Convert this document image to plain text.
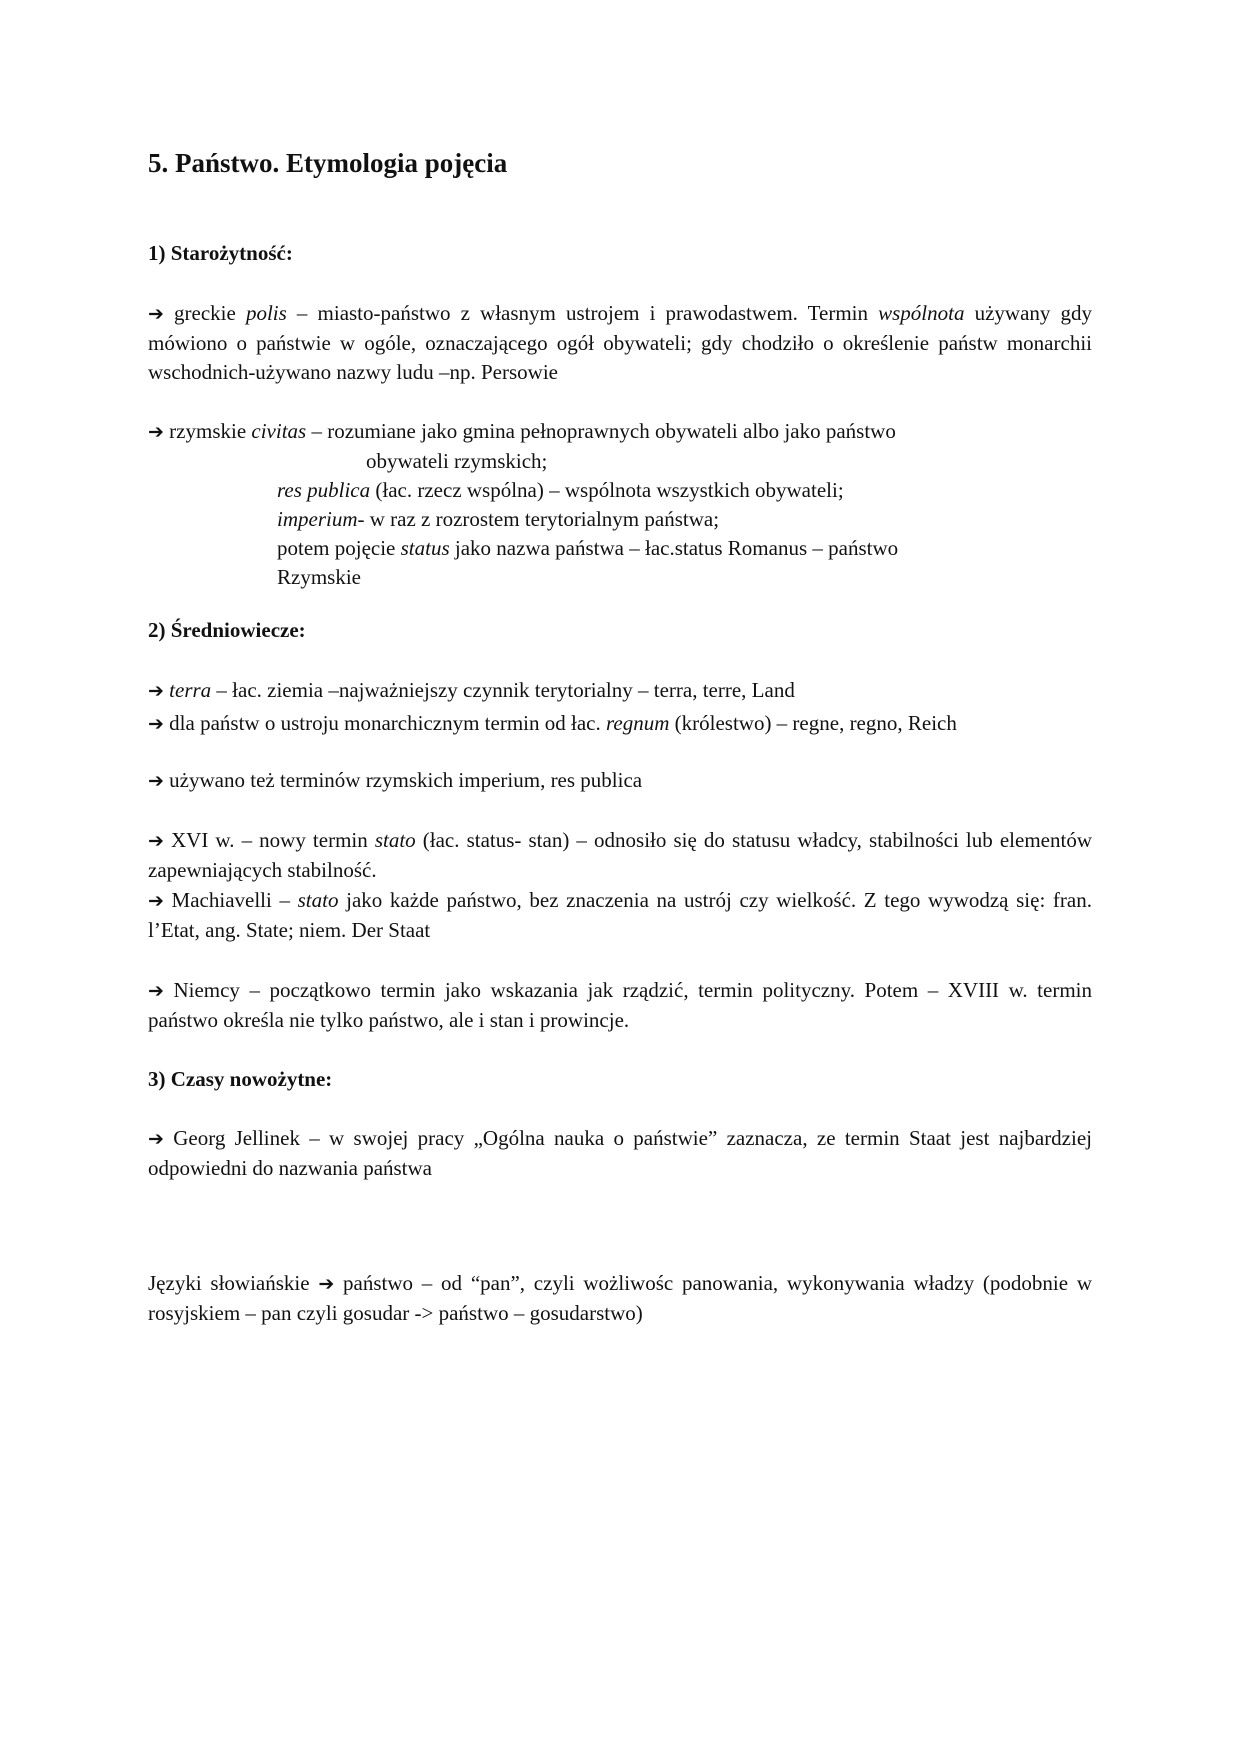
5. Państwo. Etymologia pojęcia
1) Starożytność:

➔ greckie polis – miasto-państwo z własnym ustrojem i prawodastwem. Termin wspólnota używany gdy mówiono o państwie w ogóle, oznaczającego ogół obywateli; gdy chodziło o określenie państw monarchii wschodnich-używano nazwy ludu –np. Persowie

➔ rzymskie civitas – rozumiane jako gmina pełnoprawnych obywateli albo jako państwo
obywateli rzymskich;
res publica (łac. rzecz wspólna) – wspólnota wszystkich obywateli;
imperium- w raz z rozrostem terytorialnym państwa;
potem pojęcie status jako nazwa państwa – łac.status Romanus – państwo
Rzymskie
2) Średniowiecze:

➔ terra – łac. ziemia –najważniejszy czynnik terytorialny – terra, terre, Land

➔ dla państw o ustroju monarchicznym termin od łac. regnum (królestwo) – regne, regno, Reich

➔ używano też terminów rzymskich imperium, res publica

➔ XVI w. – nowy termin stato (łac. status- stan) – odnosiło się do statusu władcy, stabilności lub elementów zapewniających stabilność.

➔ Machiavelli – stato jako każde państwo, bez znaczenia na ustrój czy wielkość. Z tego wywodzą się: fran. l’Etat, ang. State; niem. Der Staat

➔ Niemcy – początkowo termin jako wskazania jak rządzić, termin polityczny. Potem – XVIII w. termin państwo określa nie tylko państwo, ale i stan i prowincje.

3) Czasy nowożytne:

➔ Georg Jellinek – w swojej pracy „Ogólna nauka o państwie” zaznacza, ze termin Staat jest najbardziej odpowiedni do nazwania państwa

Języki słowiańskie ➔ państwo – od “pan”, czyli wożliwośc panowania, wykonywania władzy (podobnie w rosyjskiem – pan czyli gosudar -> państwo – gosudarstwo)
